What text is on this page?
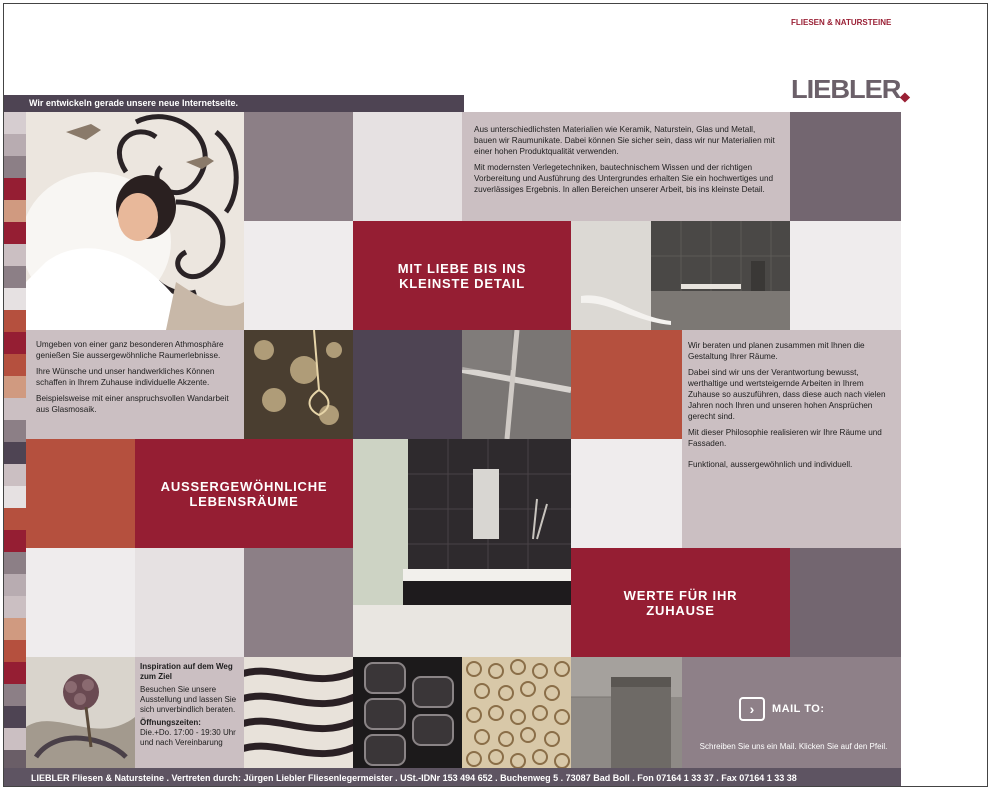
FLIESEN & NATURSTEINE
LIEBLER
Wir entwickeln gerade unsere neue Internetseite.

Aus unterschiedlichsten Materialien wie Keramik, Naturstein, Glas und Metall, bauen wir Raumunikate. Dabei können Sie sicher sein, dass wir nur Materialien mit einer hohen Produktqualität verwenden.

Mit modernsten Verlegetechniken, bautechnischem Wissen und der richtigen Vorbereitung und Ausführung des Untergrundes erhalten Sie ein hochwertiges und zuverlässiges Ergebnis. In allen Bereichen unserer Arbeit, bis ins kleinste Detail.

MIT LIEBE BIS INS KLEINSTE DETAIL

Umgeben von einer ganz besonderen Athmosphäre genießen Sie aussergewöhnliche Raumerlebnisse.

Ihre Wünsche und unser handwerkliches Können schaffen in Ihrem Zuhause individuelle Akzente.

Beispielsweise mit einer anspruchsvollen Wandarbeit aus Glasmosaik.

Wir beraten und planen zusammen mit Ihnen die Gestaltung Ihrer Räume.

Dabei sind wir uns der Verantwortung bewusst, werthaltige und wertsteigernde Arbeiten in Ihrem Zuhause so auszuführen, dass diese auch nach vielen Jahren noch Ihren und unseren hohen Ansprüchen gerecht sind.

Mit dieser Philosophie realisieren wir Ihre Räume und Fassaden.

Funktional, aussergewöhnlich und individuell.

AUSSERGEWÖHNLICHE LEBENSRÄUME
WERTE FÜR IHR ZUHAUSE

Inspiration auf dem Weg zum Ziel

Besuchen Sie unsere Ausstellung und lassen Sie sich unverbindlich beraten.

Öffnungszeiten:

Die.+Do. 17:00 - 19:30 Uhr und nach Vereinbarung

›	MAIL TO:
Schreiben Sie uns ein Mail. Klicken Sie auf den Pfeil.
LIEBLER Fliesen & Natursteine . Vertreten durch: Jürgen Liebler Fliesenlegermeister . USt.-IDNr 153 494 652 . Buchenweg 5 . 73087 Bad Boll . Fon 07164 1 33 37 . Fax 07164 1 33 38
